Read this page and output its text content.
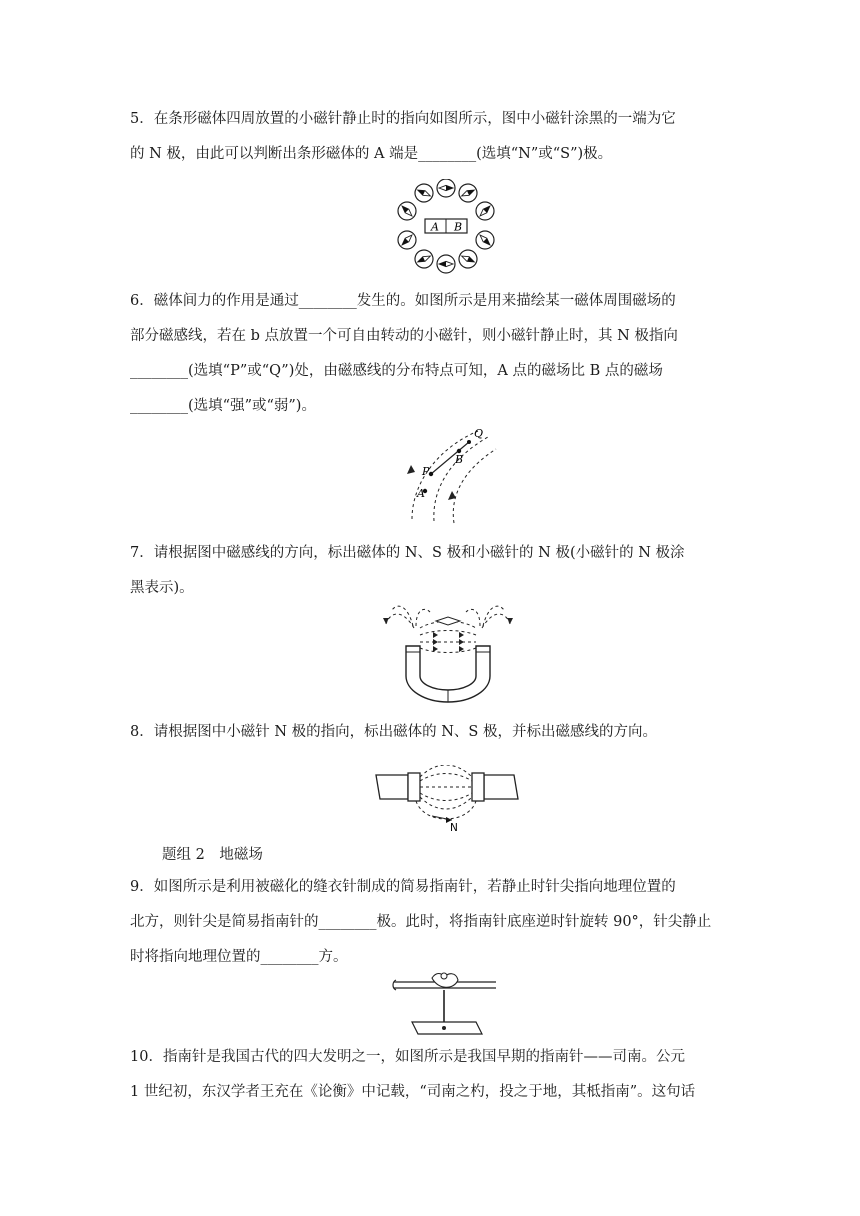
5．在条形磁体四周放置的小磁针静止时的指向如图所示，图中小磁针涂黑的一端为它
的 N 极，由此可以判断出条形磁体的 A 端是________(选填“N”或“S”)极。
A B
6．磁体间力的作用是通过________发生的。如图所示是用来描绘某一磁体周围磁场的
部分磁感线，若在 b 点放置一个可自由转动的小磁针，则小磁针静止时，其 N 极指向
________(选填“P”或“Q”)处，由磁感线的分布特点可知，A 点的磁场比 B 点的磁场
________(选填“强”或“弱”)。
Q
B
P
A
7．请根据图中磁感线的方向，标出磁体的 N、S 极和小磁针的 N 极(小磁针的 N 极涂
黑表示)。
8．请根据图中小磁针 N 极的指向，标出磁体的 N、S 极，并标出磁感线的方向。
N
题组 2　地磁场
9．如图所示是利用被磁化的缝衣针制成的简易指南针，若静止时针尖指向地理位置的
北方，则针尖是简易指南针的________极。此时，将指南针底座逆时针旋转 90°，针尖静止
时将指向地理位置的________方。
10．指南针是我国古代的四大发明之一，如图所示是我国早期的指南针——司南。公元
1 世纪初，东汉学者王充在《论衡》中记载，“司南之杓，投之于地，其柢指南”。这句话
